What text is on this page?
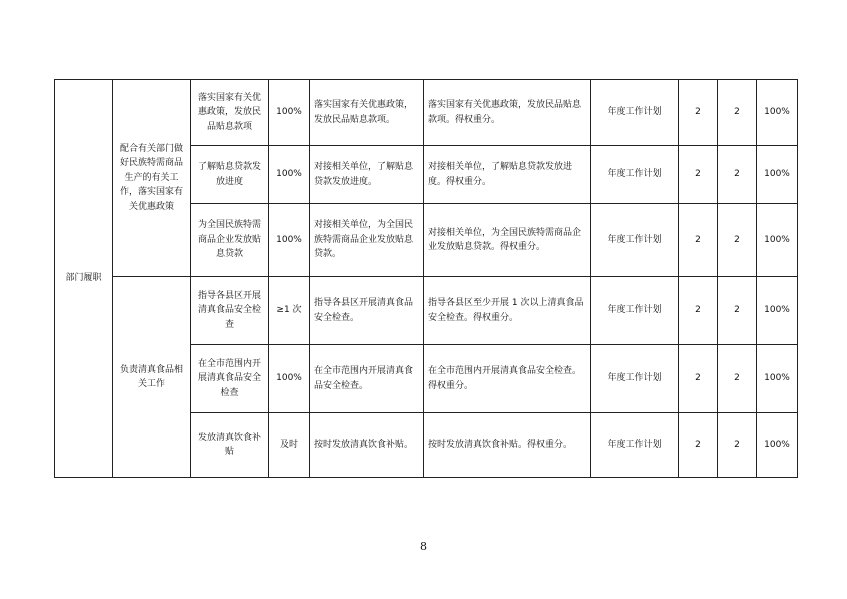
部门履职	配合有关部门做好民族特需商品生产的有关工作，落实国家有关优惠政策	落实国家有关优惠政策，发放民品贴息款项	100%	落实国家有关优惠政策，发放民品贴息款项。	落实国家有关优惠政策，发放民品贴息款项。得权重分。	年度工作计划	2	2	100%
		了解贴息贷款发放进度	100%	对接相关单位，了解贴息贷款发放进度。	对接相关单位，了解贴息贷款发放进度。得权重分。	年度工作计划	2	2	100%
		为全国民族特需商品企业发放贴息贷款	100%	对接相关单位，为全国民族特需商品企业发放贴息贷款。	对接相关单位，为全国民族特需商品企业发放贴息贷款。得权重分。	年度工作计划	2	2	100%
	负责清真食品相关工作	指导各县区开展清真食品安全检查	≥1 次	指导各县区开展清真食品安全检查。	指导各县区至少开展 1 次以上清真食品安全检查。得权重分。	年度工作计划	2	2	100%
		在全市范围内开展清真食品安全检查	100%	在全市范围内开展清真食品安全检查。	在全市范围内开展清真食品安全检查。得权重分。	年度工作计划	2	2	100%
		发放清真饮食补贴	及时	按时发放清真饮食补贴。	按时发放清真饮食补贴。得权重分。	年度工作计划	2	2	100%
8
